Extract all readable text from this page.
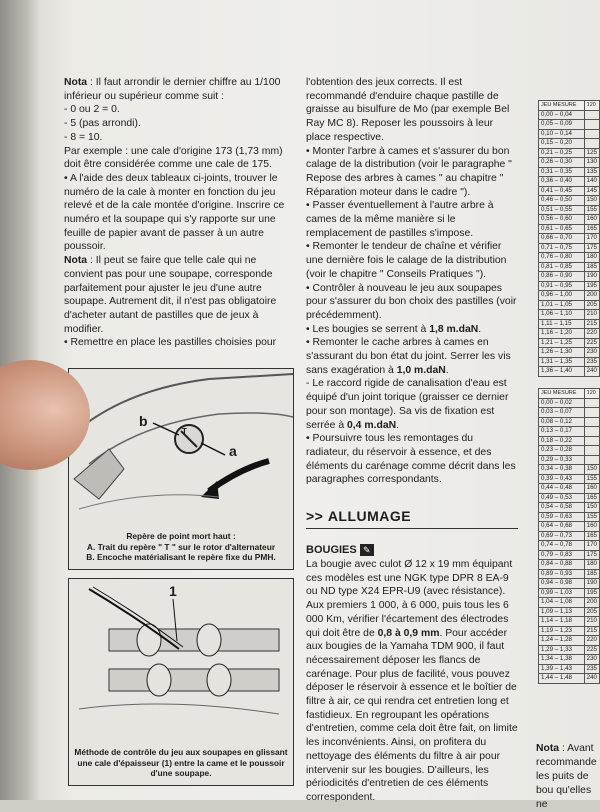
Nota : Il faut arrondir le dernier chiffre au 1/100 inférieur ou supérieur comme suit :

- 0 ou 2 = 0.

- 5 (pas arrondi).

- 8 = 10.

Par exemple : une cale d'origine 173 (1,73 mm) doit être considérée comme une cale de 175.

• A l'aide des deux tableaux ci-joints, trouver le numéro de la cale à monter en fonction du jeu relevé et de la cale montée d'origine. Inscrire ce numéro et la soupape qui s'y rapporte sur une feuille de papier avant de passer à un autre poussoir.

Nota : Il peut se faire que telle cale qui ne convient pas pour une soupape, corresponde parfaitement pour ajuster le jeu d'une autre soupape. Autrement dit, il n'est pas obligatoire d'acheter autant de pastilles que de jeux à modifier.

• Remettre en place les pastilles choisies pour

b
a
T
Repère de point mort haut :
A. Trait du repère " T " sur le rotor d'alternateur
B. Encoche matérialisant le repère fixe du PMH.
1
Méthode de contrôle du jeu aux soupapes en glissant une cale d'épaisseur (1) entre la came et le poussoir d'une soupape.

l'obtention des jeux corrects. Il est recommandé d'enduire chaque pastille de graisse au bisulfure de Mo (par exemple Bel Ray MC 8). Reposer les poussoirs à leur place respective.

• Monter l'arbre à cames et s'assurer du bon calage de la distribution (voir le paragraphe " Repose des arbres à cames " au chapitre " Réparation moteur dans le cadre ").

• Passer éventuellement à l'autre arbre à cames de la même manière si le remplacement de pastilles s'impose.

• Remonter le tendeur de chaîne et vérifier une dernière fois le calage de la distribution (voir le chapitre " Conseils Pratiques ").

• Contrôler à nouveau le jeu aux soupapes pour s'assurer du bon choix des pastilles (voir précédemment).

• Les bougies se serrent à 1,8 m.daN.

• Remonter le cache arbres à cames en s'assurant du bon état du joint. Serrer les vis sans exagération à 1,0 m.daN.

- Le raccord rigide de canalisation d'eau est équipé d'un joint torique (graisser ce dernier pour son montage). Sa vis de fixation est serrée à 0,4 m.daN.

• Poursuivre tous les remontages du radiateur, du réservoir à essence, et des éléments du carénage comme décrit dans les paragraphes correspondants.

>> ALLUMAGE
BOUGIES ✎

La bougie avec culot Ø 12 x 19 mm équipant ces modèles est une NGK type DPR 8 EA-9 ou ND type X24 EPR-U9 (avec résistance).

Aux premiers 1 000, à 6 000, puis tous les 6 000 Km, vérifier l'écartement des électrodes qui doit être de 0,8 à 0,9 mm. Pour accéder aux bougies de la Yamaha TDM 900, il faut nécessairement déposer les flancs de carénage. Pour plus de facilité, vous pouvez déposer le réservoir à essence et le boîtier de filtre à air, ce qui rendra cet entretien long et fastidieux. En regroupant les opérations d'entretien, comme cela doit être fait, on limite les inconvénients. Ainsi, on profitera du nettoyage des éléments du filtre à air pour intervenir sur les bougies. D'ailleurs, les périodicités d'entretien de ces éléments correspondent.

JEU MESURE	120
0,00 – 0,04	
0,05 – 0,09	
0,10 – 0,14	
0,15 – 0,20	
0,21 – 0,25	125
0,26 – 0,30	130
0,31 – 0,35	135
0,36 – 0,40	140
0,41 – 0,45	145
0,46 – 0,50	150
0,51 – 0,55	155
0,56 – 0,60	160
0,61 – 0,65	165
0,66 – 0,70	170
0,71 – 0,75	175
0,76 – 0,80	180
0,81 – 0,85	185
0,86 – 0,90	190
0,91 – 0,95	195
0,96 – 1,00	200
1,01 – 1,05	205
1,06 – 1,10	210
1,11 – 1,15	215
1,16 – 1,20	220
1,21 – 1,25	225
1,26 – 1,30	230
1,31 – 1,35	235
1,36 – 1,40	240
JEU MESURE	120
0,00 – 0,02	
0,03 – 0,07	
0,08 – 0,12	
0,13 – 0,17	
0,18 – 0,22	
0,23 – 0,28	
0,29 – 0,33	
0,34 – 0,38	150
0,39 – 0,43	155
0,44 – 0,48	160
0,49 – 0,53	165
0,54 – 0,58	150
0,59 – 0,63	155
0,64 – 0,68	160
0,69 – 0,73	165
0,74 – 0,78	170
0,79 – 0,83	175
0,84 – 0,88	180
0,89 – 0,93	185
0,94 – 0,98	190
0,99 – 1,03	195
1,04 – 1,08	200
1,09 – 1,13	205
1,14 – 1,18	210
1,19 – 1,23	215
1,24 – 1,28	220
1,29 – 1,33	225
1,34 – 1,38	230
1,39 – 1,43	235
1,44 – 1,48	240
Nota : Avant recommande les puits de bou qu'elles ne
